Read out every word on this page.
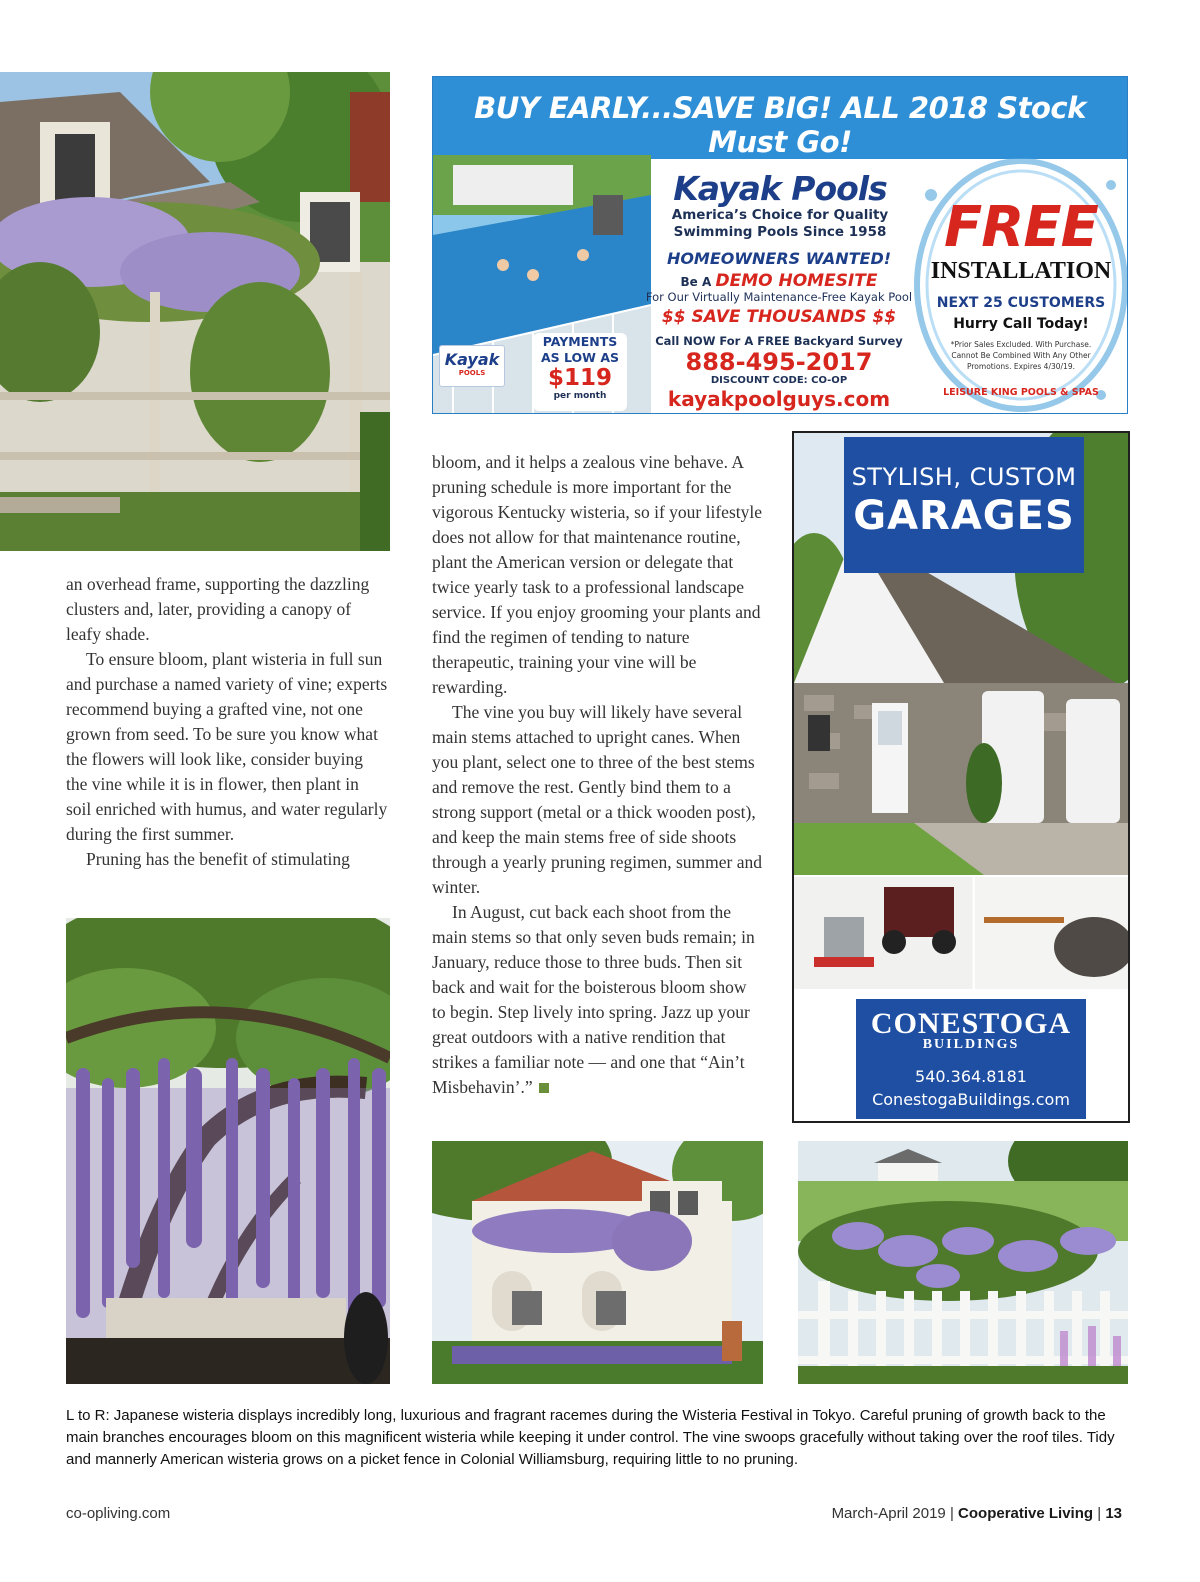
an overhead frame, supporting the dazzling clusters and, later, providing a canopy of leafy shade.

To ensure bloom, plant wisteria in full sun and purchase a named variety of vine; experts recommend buying a grafted vine, not one grown from seed. To be sure you know what the flowers will look like, consider buying the vine while it is in flower, then plant in soil enriched with humus, and water regularly during the first summer.

Pruning has the benefit of stimulating

BUY EARLY...SAVE BIG! ALL 2018 Stock Must Go!
Kayak
POOLS
PAYMENTS
AS LOW AS
$119
per month
Kayak Pools
America’s Choice for Quality Swimming Pools Since 1958
HOMEOWNERS WANTED!
Be A DEMO HOMESITE
For Our Virtually Maintenance-Free Kayak Pool
$$ SAVE THOUSANDS $$
Call NOW For A FREE Backyard Survey
888-495-2017
DISCOUNT CODE: CO-OP
kayakpoolguys.com
FREE
INSTALLATION
NEXT 25 CUSTOMERS
Hurry Call Today!
*Prior Sales Excluded. With Purchase. Cannot Be Combined With Any Other Promotions. Expires 4/30/19.
LEISURE KING POOLS & SPAS

bloom, and it helps a zealous vine behave. A pruning schedule is more important for the vigorous Kentucky wisteria, so if your lifestyle does not allow for that maintenance routine, plant the American version or delegate that twice yearly task to a professional landscape service. If you enjoy grooming your plants and find the regimen of tending to nature therapeutic, training your vine will be rewarding.

The vine you buy will likely have several main stems attached to upright canes. When you plant, select one to three of the best stems and remove the rest. Gently bind them to a strong support (metal or a thick wooden post), and keep the main stems free of side shoots through a yearly pruning regimen, summer and winter.

In August, cut back each shoot from the main stems so that only seven buds remain; in January, reduce those to three buds. Then sit back and wait for the boisterous bloom show to begin. Step lively into spring. Jazz up your great outdoors with a native rendition that strikes a familiar note — and one that “Ain’t Misbehavin’.”

STYLISH, CUSTOM
GARAGES
CONESTOGA
BUILDINGS
540.364.8181
ConestogaBuildings.com
L to R: Japanese wisteria displays incredibly long, luxurious and fragrant racemes during the Wisteria Festival in Tokyo. Careful pruning of growth back to the main branches encourages bloom on this magnificent wisteria while keeping it under control. The vine swoops gracefully without taking over the roof tiles. Tidy and mannerly American wisteria grows on a picket fence in Colonial Williamsburg, requiring little to no pruning.
co-opliving.com	March-April 2019 | Cooperative Living | 13
